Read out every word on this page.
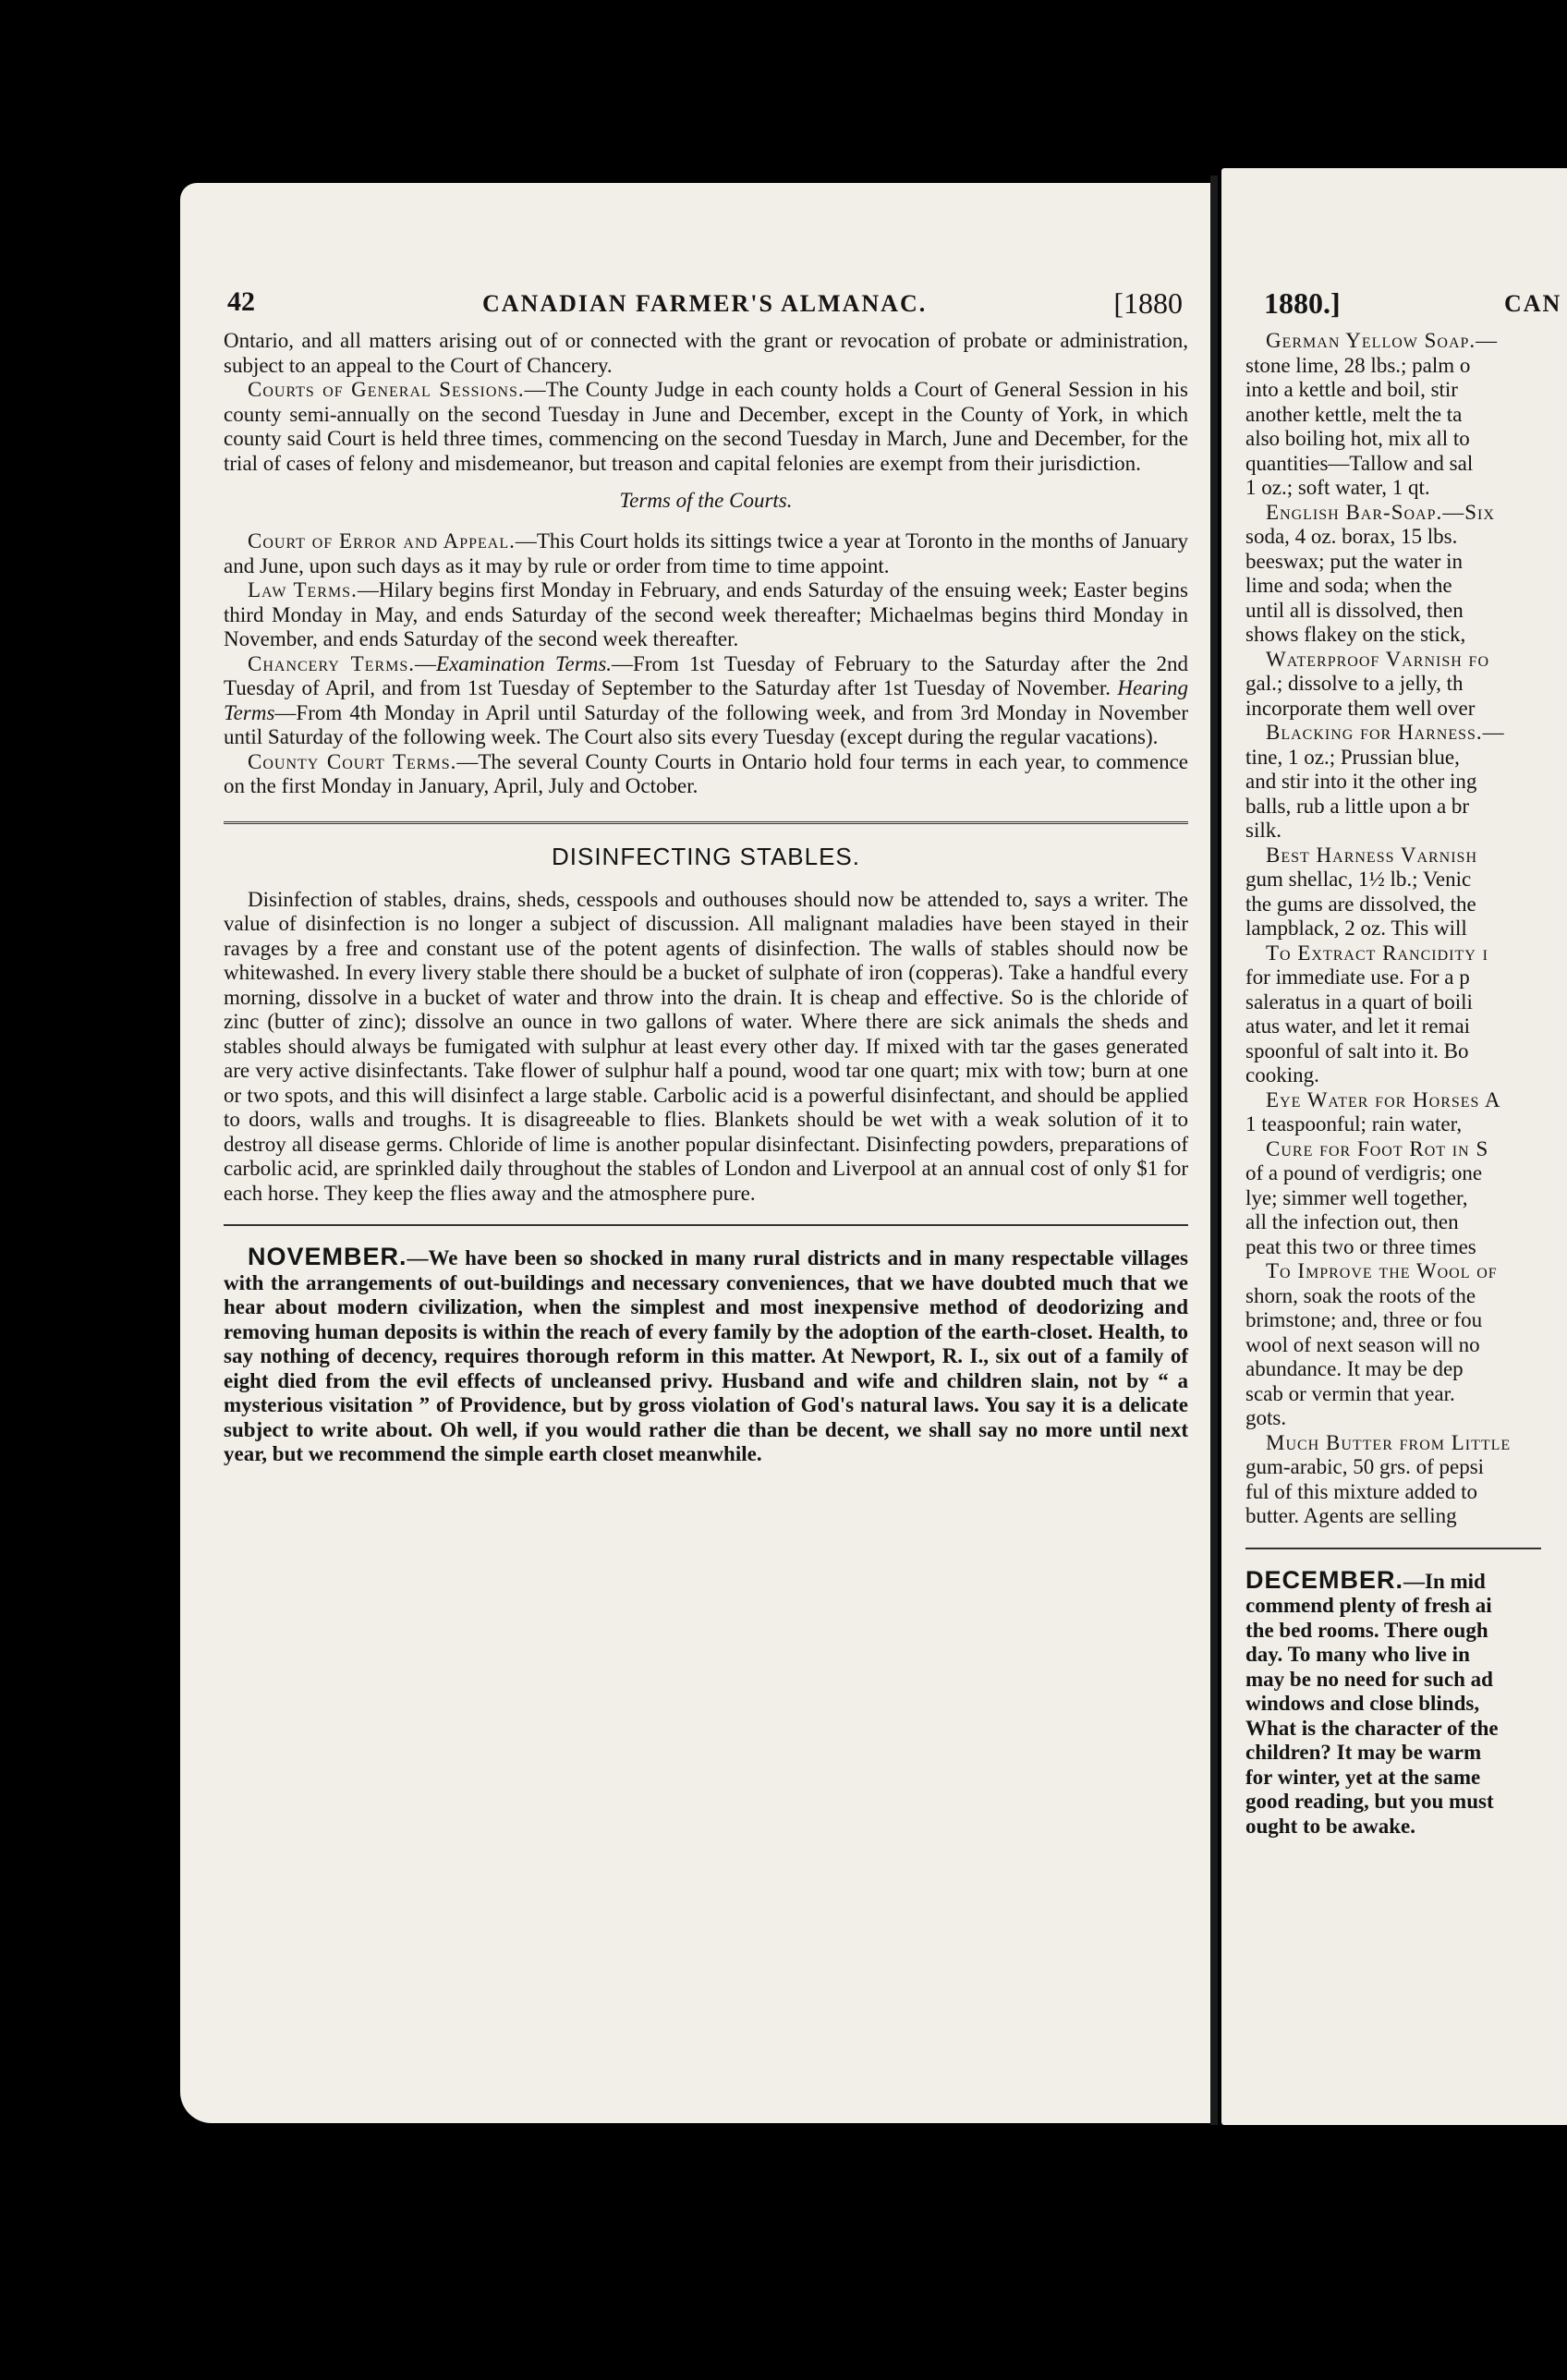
42	CANADIAN FARMER'S ALMANAC.	[1880

Ontario, and all matters arising out of or connected with the grant or revocation of probate or administration, subject to an appeal to the Court of Chancery.

Courts of General Sessions.—The County Judge in each county holds a Court of General Session in his county semi-annually on the second Tuesday in June and December, except in the County of York, in which county said Court is held three times, commencing on the second Tuesday in March, June and December, for the trial of cases of felony and misdemeanor, but treason and capital felonies are exempt from their jurisdiction.

Terms of the Courts.

Court of Error and Appeal.—This Court holds its sittings twice a year at Toronto in the months of January and June, upon such days as it may by rule or order from time to time appoint.

Law Terms.—Hilary begins first Monday in February, and ends Saturday of the ensuing week; Easter begins third Monday in May, and ends Saturday of the second week thereafter; Michaelmas begins third Monday in November, and ends Saturday of the second week thereafter.

Chancery Terms.—Examination Terms.—From 1st Tuesday of February to the Saturday after the 2nd Tuesday of April, and from 1st Tuesday of September to the Saturday after 1st Tuesday of November. Hearing Terms—From 4th Monday in April until Saturday of the following week, and from 3rd Monday in November until Saturday of the following week. The Court also sits every Tuesday (except during the regular vacations).

County Court Terms.—The several County Courts in Ontario hold four terms in each year, to commence on the first Monday in January, April, July and October.

DISINFECTING STABLES.

Disinfection of stables, drains, sheds, cesspools and outhouses should now be attended to, says a writer. The value of disinfection is no longer a subject of discussion. All malignant maladies have been stayed in their ravages by a free and constant use of the potent agents of disinfection. The walls of stables should now be whitewashed. In every livery stable there should be a bucket of sulphate of iron (copperas). Take a handful every morning, dissolve in a bucket of water and throw into the drain. It is cheap and effective. So is the chloride of zinc (butter of zinc); dissolve an ounce in two gallons of water. Where there are sick animals the sheds and stables should always be fumigated with sulphur at least every other day. If mixed with tar the gases generated are very active disinfectants. Take flower of sulphur half a pound, wood tar one quart; mix with tow; burn at one or two spots, and this will disinfect a large stable. Carbolic acid is a powerful disinfectant, and should be applied to doors, walls and troughs. It is disagreeable to flies. Blankets should be wet with a weak solution of it to destroy all disease germs. Chloride of lime is another popular disinfectant. Disinfecting powders, preparations of carbolic acid, are sprinkled daily throughout the stables of London and Liverpool at an annual cost of only $1 for each horse. They keep the flies away and the atmosphere pure.

NOVEMBER.—We have been so shocked in many rural districts and in many respectable villages with the arrangements of out-buildings and necessary conveniences, that we have doubted much that we hear about modern civilization, when the simplest and most inexpensive method of deodorizing and removing human deposits is within the reach of every family by the adoption of the earth-closet. Health, to say nothing of decency, requires thorough reform in this matter. At Newport, R. I., six out of a family of eight died from the evil effects of uncleansed privy. Husband and wife and children slain, not by “ a mysterious visitation ” of Providence, but by gross violation of God's natural laws. You say it is a delicate subject to write about. Oh well, if you would rather die than be decent, we shall say no more until next year, but we recommend the simple earth closet meanwhile.

1880.]	CAN

German Yellow Soap.—

stone lime, 28 lbs.; palm o

into a kettle and boil, stir

another kettle, melt the ta

also boiling hot, mix all to

quantities—Tallow and sal

1 oz.; soft water, 1 qt.

English Bar-Soap.—Six

soda, 4 oz. borax, 15 lbs.

beeswax; put the water in

lime and soda; when the

until all is dissolved, then

shows flakey on the stick,

Waterproof Varnish fo

gal.; dissolve to a jelly, th

incorporate them well over

Blacking for Harness.—

tine, 1 oz.; Prussian blue,

and stir into it the other ing

balls, rub a little upon a br

silk.

Best Harness Varnish

gum shellac, 1½ lb.; Venic

the gums are dissolved, the

lampblack, 2 oz. This will

To Extract Rancidity i

for immediate use. For a p

saleratus in a quart of boili

atus water, and let it remai

spoonful of salt into it. Bo

cooking.

Eye Water for Horses A

1 teaspoonful; rain water,

Cure for Foot Rot in S

of a pound of verdigris; one

lye; simmer well together,

all the infection out, then

peat this two or three times

To Improve the Wool of

shorn, soak the roots of the

brimstone; and, three or fou

wool of next season will no

abundance. It may be dep

scab or vermin that year.

gots.

Much Butter from Little

gum-arabic, 50 grs. of pepsi

ful of this mixture added to

butter. Agents are selling

DECEMBER.—In mid

commend plenty of fresh ai

the bed rooms. There ough

day. To many who live in

may be no need for such ad

windows and close blinds,

What is the character of the

children? It may be warm

for winter, yet at the same

good reading, but you must

ought to be awake.
